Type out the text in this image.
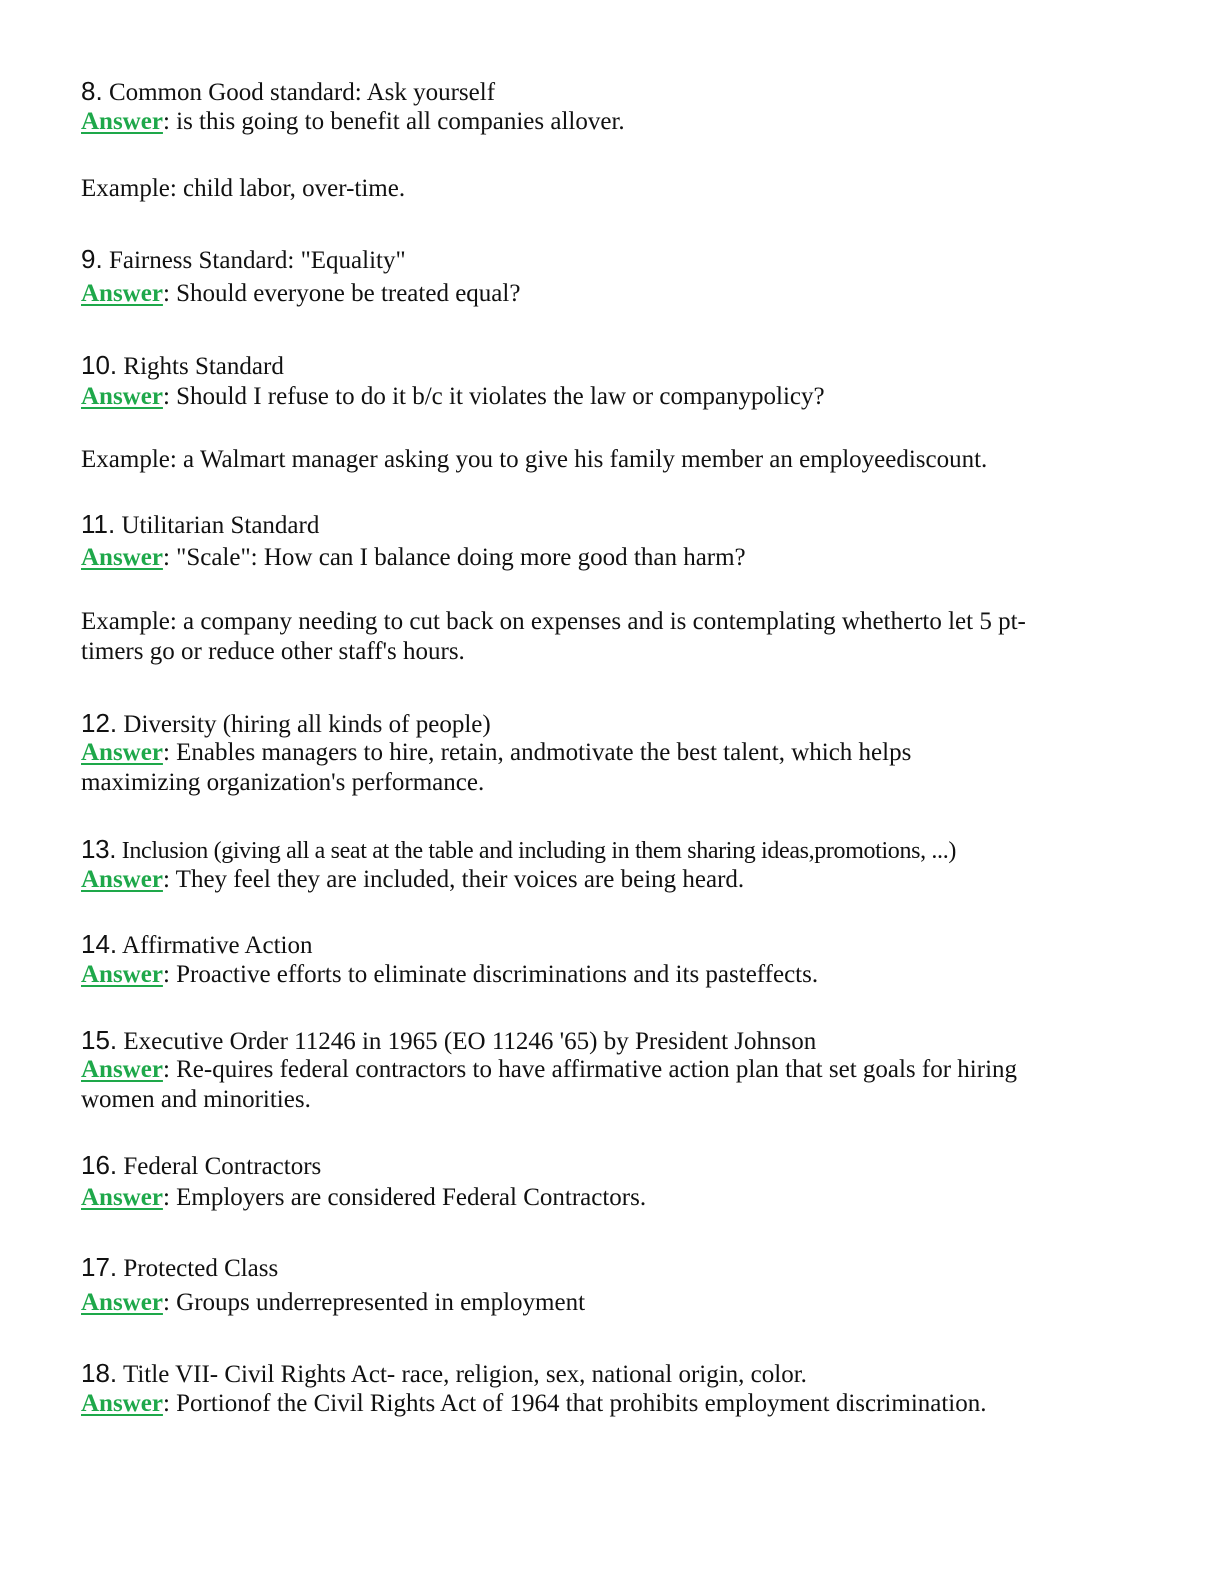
8. Common Good standard: Ask yourself

Answer: is this going to benefit all companies allover.

Example: child labor, over-time.

9. Fairness Standard: "Equality"

Answer: Should everyone be treated equal?

10. Rights Standard

Answer: Should I refuse to do it b/c it violates the law or companypolicy?

Example: a Walmart manager asking you to give his family member an employeediscount.

11. Utilitarian Standard

Answer: "Scale": How can I balance doing more good than harm?

Example: a company needing to cut back on expenses and is contemplating whetherto let 5 pt-

timers go or reduce other staff's hours.

12. Diversity (hiring all kinds of people)

Answer: Enables managers to hire, retain, andmotivate the best talent, which helps

maximizing organization's performance.

13. Inclusion (giving all a seat at the table and including in them sharing ideas,promotions, ...)

Answer: They feel they are included, their voices are being heard.

14. Affirmative Action

Answer: Proactive efforts to eliminate discriminations and its pasteffects.

15. Executive Order 11246 in 1965 (EO 11246 '65) by President Johnson

Answer: Re-quires federal contractors to have affirmative action plan that set goals for hiring

women and minorities.

16. Federal Contractors

Answer: Employers are considered Federal Contractors.

17. Protected Class

Answer: Groups underrepresented in employment

18. Title VII- Civil Rights Act- race, religion, sex, national origin, color.

Answer: Portionof the Civil Rights Act of 1964 that prohibits employment discrimination.
